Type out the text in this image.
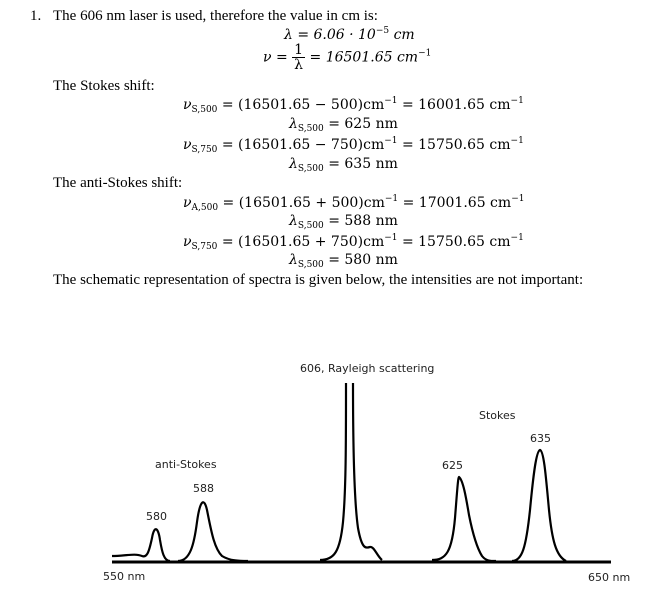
1. The 606 nm laser is used, therefore the value in cm is:
$\lambda = 6.06 \cdot 10^{-5}$ cm
$\nu = \frac{1}{\lambda} = 16501.65$ $cm^{-1}$
The Stokes shift:
$\nu_{S,500} = (16501.65 - 500)cm^{-1} = 16001.65$ $cm^{-1}$
$\lambda_{S,500} = 625$ nm
$\nu_{S,750} = (16501.65 - 750)cm^{-1} = 15750.65$ $cm^{-1}$
$\lambda_{S,500} = 635$ nm
The anti-Stokes shift:
$\nu_{A,500} = (16501.65 + 500)cm^{-1} = 17001.65$ $cm^{-1}$
$\lambda_{S,500} = 588$ nm
$\nu_{S,750} = (16501.65 + 750)cm^{-1} = 15750.65$ $cm^{-1}$
$\lambda_{S,500} = 580$ nm
The schematic representation of spectra is given below, the intensities are not important:
606, Rayleigh scattering
Stokes
635
625
anti-Stokes
588
580
550 nm	650 nm
